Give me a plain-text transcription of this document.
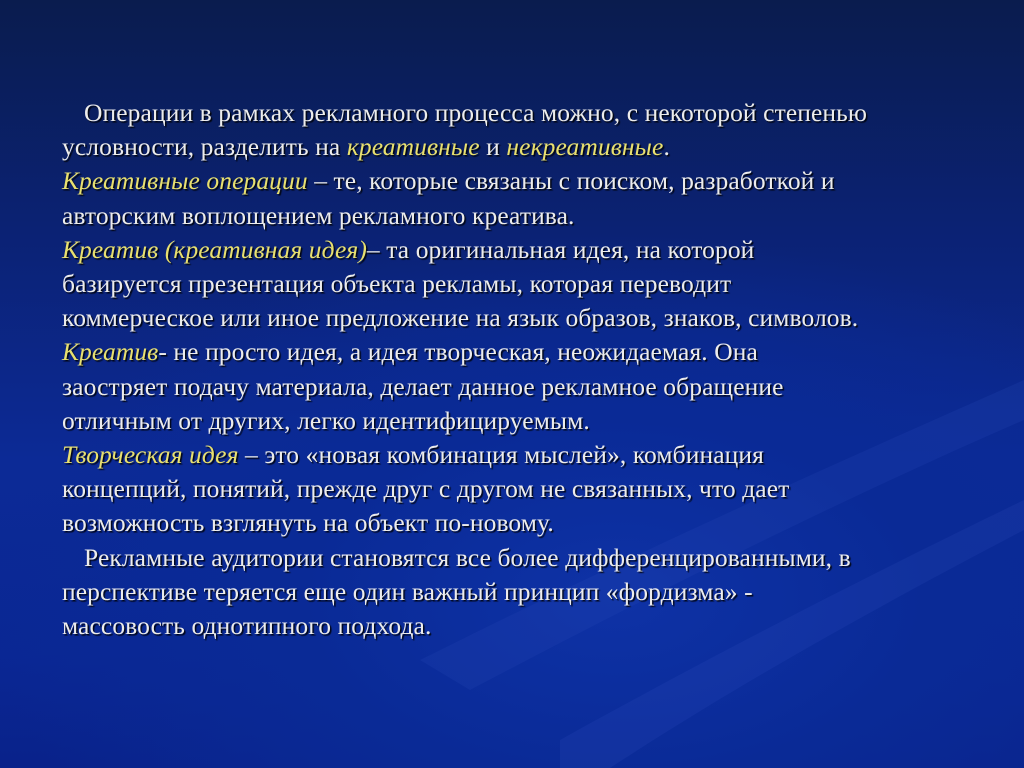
Операции в рамках рекламного процесса можно, с некоторой степенью
условности, разделить на креативные и некреативные.
Креативные операции – те, которые связаны с поиском, разработкой и
авторским воплощением рекламного креатива.
Креатив (креативная идея)– та оригинальная идея, на которой
базируется презентация объекта рекламы, которая переводит
коммерческое или иное предложение на язык образов, знаков, символов.
Креатив- не просто идея, а идея творческая, неожидаемая. Она
заостряет подачу материала, делает данное рекламное обращение
отличным от других, легко идентифицируемым.
Творческая идея – это «новая комбинация мыслей», комбинация
концепций, понятий, прежде друг с другом не связанных, что дает
возможность взглянуть на объект по-новому.
Рекламные аудитории становятся все более дифференцированными, в
перспективе теряется еще один важный принцип «фордизма» -
массовость однотипного подхода.
